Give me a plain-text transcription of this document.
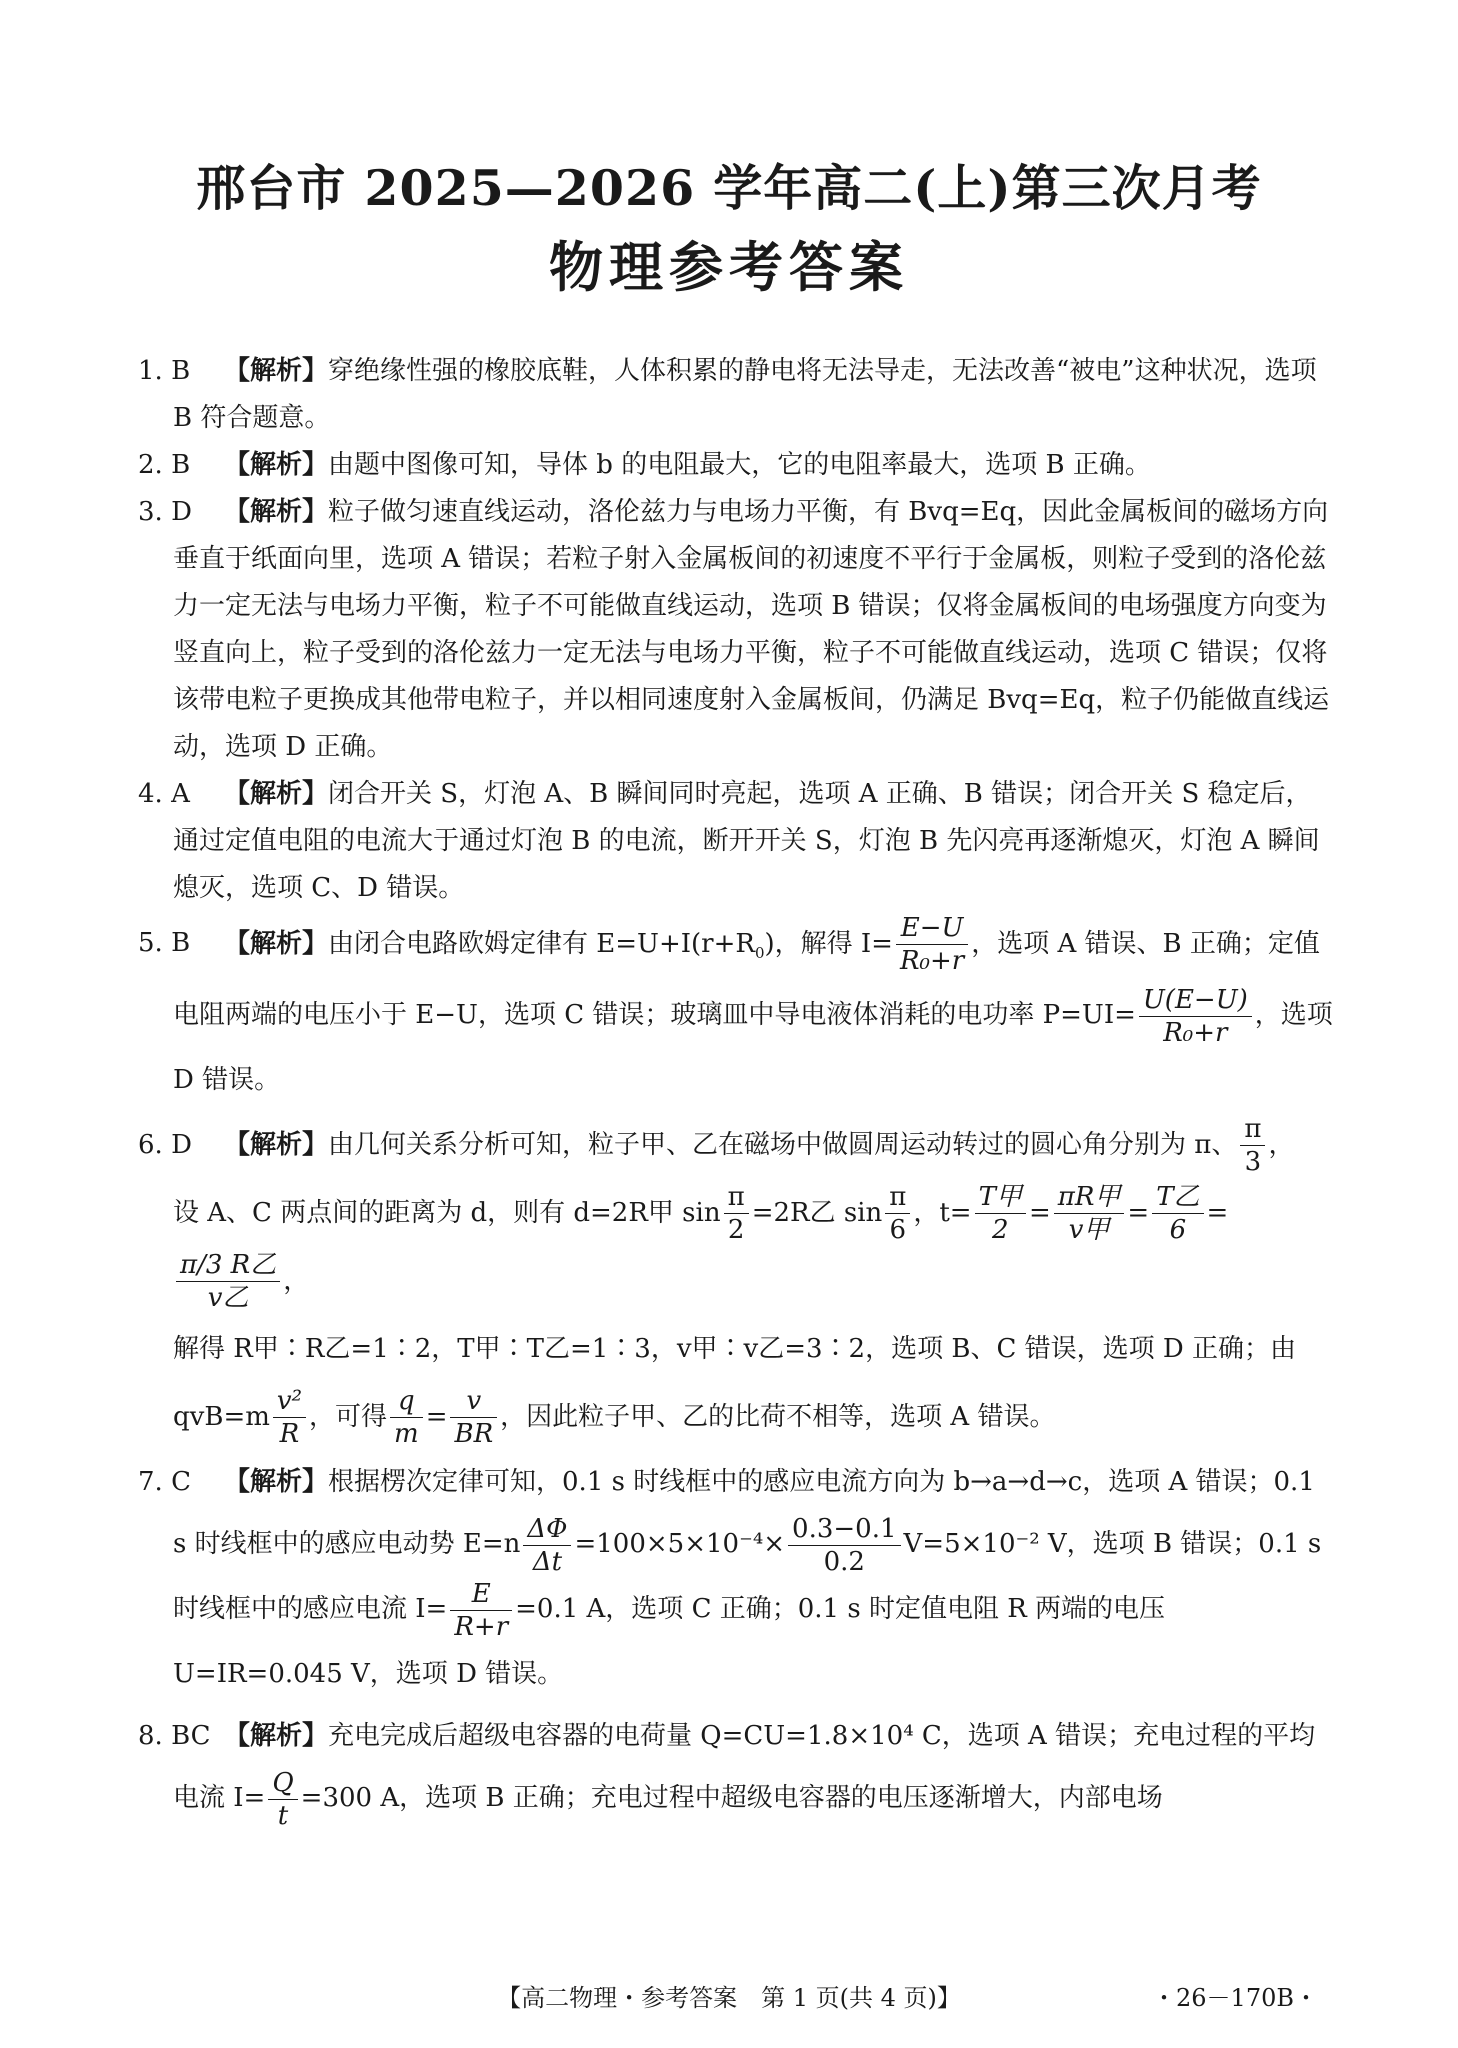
邢台市 2025—2026 学年高二(上)第三次月考
物理参考答案

1. B 【解析】穿绝缘性强的橡胶底鞋，人体积累的静电将无法导走，无法改善“被电”这种状况，选项 B 符合题意。

2. B 【解析】由题中图像可知，导体 b 的电阻最大，它的电阻率最大，选项 B 正确。

3. D 【解析】粒子做匀速直线运动，洛伦兹力与电场力平衡，有 Bvq=Eq，因此金属板间的磁场方向垂直于纸面向里，选项 A 错误；若粒子射入金属板间的初速度不平行于金属板，则粒子受到的洛伦兹力一定无法与电场力平衡，粒子不可能做直线运动，选项 B 错误；仅将金属板间的电场强度方向变为竖直向上，粒子受到的洛伦兹力一定无法与电场力平衡，粒子不可能做直线运动，选项 C 错误；仅将该带电粒子更换成其他带电粒子，并以相同速度射入金属板间，仍满足 Bvq=Eq，粒子仍能做直线运动，选项 D 正确。

4. A 【解析】闭合开关 S，灯泡 A、B 瞬间同时亮起，选项 A 正确、B 错误；闭合开关 S 稳定后，通过定值电阻的电流大于通过灯泡 B 的电流，断开开关 S，灯泡 B 先闪亮再逐渐熄灭，灯泡 A 瞬间熄灭，选项 C、D 错误。

5. B 【解析】由闭合电路欧姆定律有 $E=U+I(r+R_0)$，解得 $I= \frac{E-U}{\text{R₀+r}}$ ，选项 A 错误、B 正确；定值电阻两端的电压小于 E−U，选项 C 错误；玻璃皿中导电液体消耗的电功率 $P=UI= \frac{U(E-U)}{\text{R₀+r}}$ ，选项 D 错误。

6. D 【解析】由几何关系分析可知，粒子甲、乙在磁场中做圆周运动转过的圆心角分别为 π、 $\frac{\pi}{3}$ ，
设 A、C 两点间的距离为 d，则有 d=2R甲 $\sin \frac{\pi}{2} =2R$乙 $\sin \frac{\pi}{6}$ ，$t= \frac{\text{T甲}}{2} = \frac{\text{πR甲}}{\text{v甲}} = \frac{\text{T乙}}{6}$ =
$\frac{\text{π/3 R乙}}{\text{v乙}}$ ，
解得 R甲∶R乙=1∶2，T甲∶T乙=1∶3，v甲∶v乙=3∶2，选项 B、C 错误，选项 D 正确；由 $qvB=m \frac{\text{v²}}{R}$ ，可得 $\frac{q}{m} = \frac{v}{BR}$ ，因此粒子甲、乙的比荷不相等，选项 A 错误。

7. C 【解析】根据楞次定律可知，0.1 s 时线框中的感应电流方向为 b→a→d→c，选项 A 错误；0.1 s 时线框中的感应电动势 $E=n \frac{\Delta\Phi}{\Delta t} =100\times 5\times 10^{-4}\times \frac{0.3-0.1}{0.2} V=5\times 10^{-2}$ V，选项 B 错误；0.1 s 时线框中的感应电流 $I= \frac{E}{R+r} =0.1$ A，选项 C 正确；0.1 s 时定值电阻 R 两端的电压 U=IR=0.045 V，选项 D 错误。

8. BC 【解析】充电完成后超级电容器的电荷量 Q=CU=1.8×10⁴ C，选项 A 错误；充电过程的平均电流 $I= \frac{Q}{t} =300$ A，选项 B 正确；充电过程中超级电容器的电压逐渐增大，内部电场

【高二物理・参考答案　第 1 页(共 4 页)】	・26－170B・
